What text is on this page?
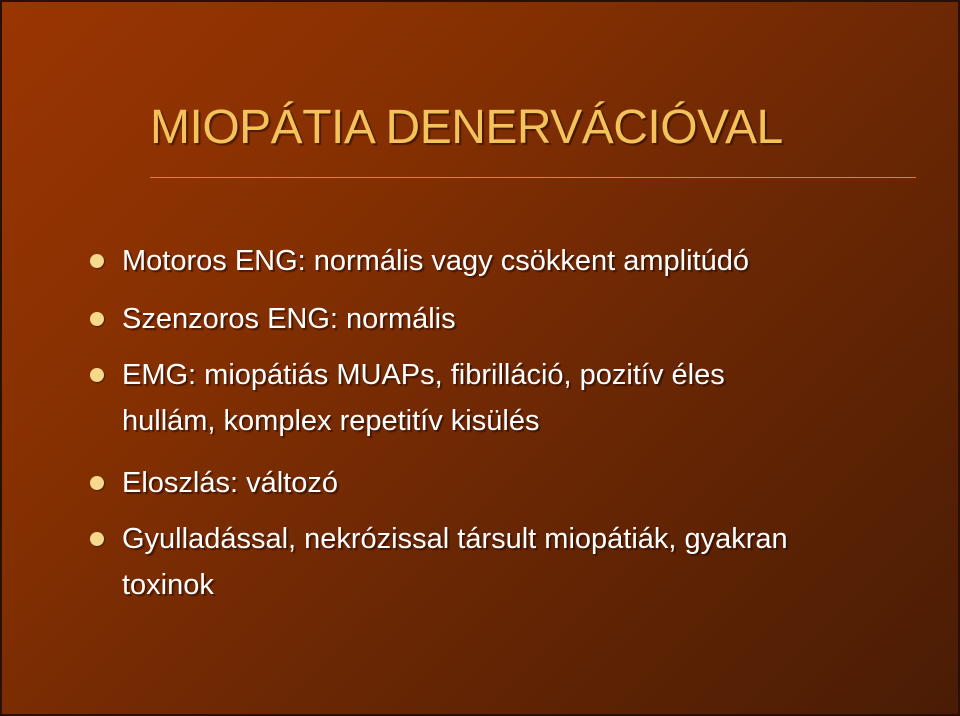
MIOPÁTIA DENERVÁCIÓVAL
Motoros ENG: normális vagy csökkent amplitúdó
Szenzoros ENG: normális
EMG: miopátiás MUAPs, fibrilláció, pozitív éles hullám, komplex repetitív kisülés
Eloszlás: változó
Gyulladással, nekrózissal társult miopátiák, gyakran toxinok
